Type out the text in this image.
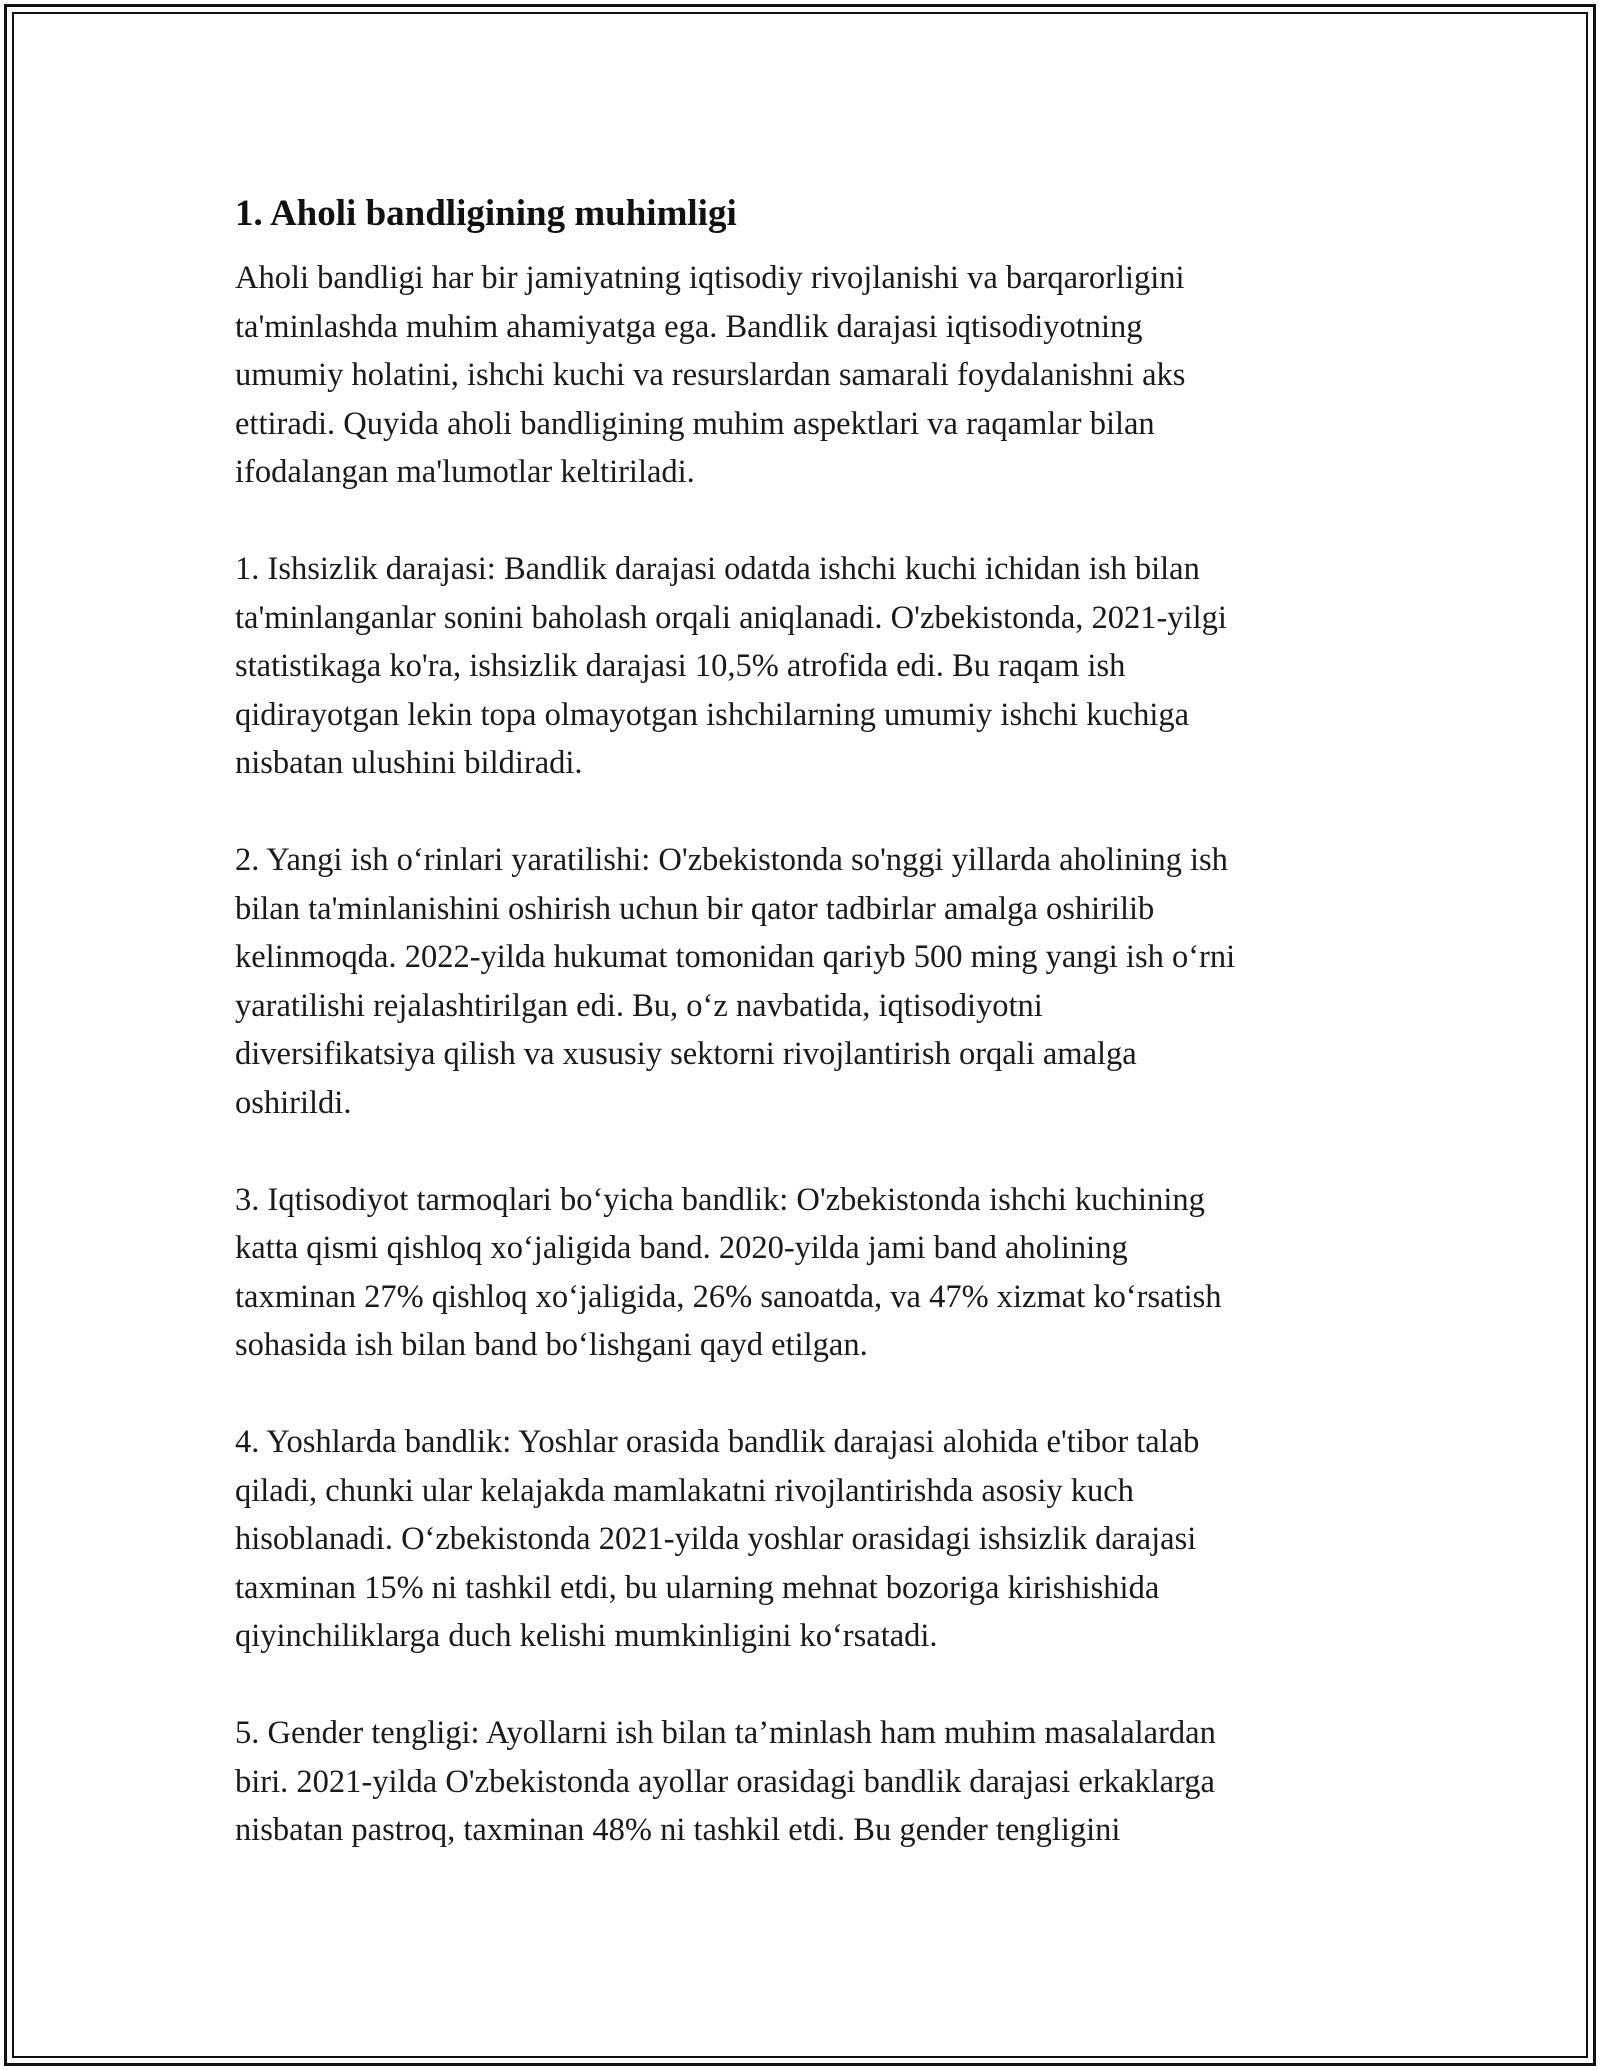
1. Aholi bandligining muhimligi

Aholi bandligi har bir jamiyatning iqtisodiy rivojlanishi va barqarorligini
ta'minlashda muhim ahamiyatga ega. Bandlik darajasi iqtisodiyotning
umumiy holatini, ishchi kuchi va resurslardan samarali foydalanishni aks
ettiradi. Quyida aholi bandligining muhim aspektlari va raqamlar bilan
ifodalangan ma'lumotlar keltiriladi.

1. Ishsizlik darajasi: Bandlik darajasi odatda ishchi kuchi ichidan ish bilan
ta'minlanganlar sonini baholash orqali aniqlanadi. O'zbekistonda, 2021-yilgi
statistikaga ko'ra, ishsizlik darajasi 10,5% atrofida edi. Bu raqam ish
qidirayotgan lekin topa olmayotgan ishchilarning umumiy ishchi kuchiga
nisbatan ulushini bildiradi.

2. Yangi ish o‘rinlari yaratilishi: O'zbekistonda so'nggi yillarda aholining ish
bilan ta'minlanishini oshirish uchun bir qator tadbirlar amalga oshirilib
kelinmoqda. 2022-yilda hukumat tomonidan qariyb 500 ming yangi ish o‘rni
yaratilishi rejalashtirilgan edi. Bu, o‘z navbatida, iqtisodiyotni
diversifikatsiya qilish va xususiy sektorni rivojlantirish orqali amalga
oshirildi.

3. Iqtisodiyot tarmoqlari bo‘yicha bandlik: O'zbekistonda ishchi kuchining
katta qismi qishloq xo‘jaligida band. 2020-yilda jami band aholining
taxminan 27% qishloq xo‘jaligida, 26% sanoatda, va 47% xizmat ko‘rsatish
sohasida ish bilan band bo‘lishgani qayd etilgan.

4. Yoshlarda bandlik: Yoshlar orasida bandlik darajasi alohida e'tibor talab
qiladi, chunki ular kelajakda mamlakatni rivojlantirishda asosiy kuch
hisoblanadi. O‘zbekistonda 2021-yilda yoshlar orasidagi ishsizlik darajasi
taxminan 15% ni tashkil etdi, bu ularning mehnat bozoriga kirishishida
qiyinchiliklarga duch kelishi mumkinligini ko‘rsatadi.

5. Gender tengligi: Ayollarni ish bilan ta’minlash ham muhim masalalardan
biri. 2021-yilda O'zbekistonda ayollar orasidagi bandlik darajasi erkaklarga
nisbatan pastroq, taxminan 48% ni tashkil etdi. Bu gender tengligini
